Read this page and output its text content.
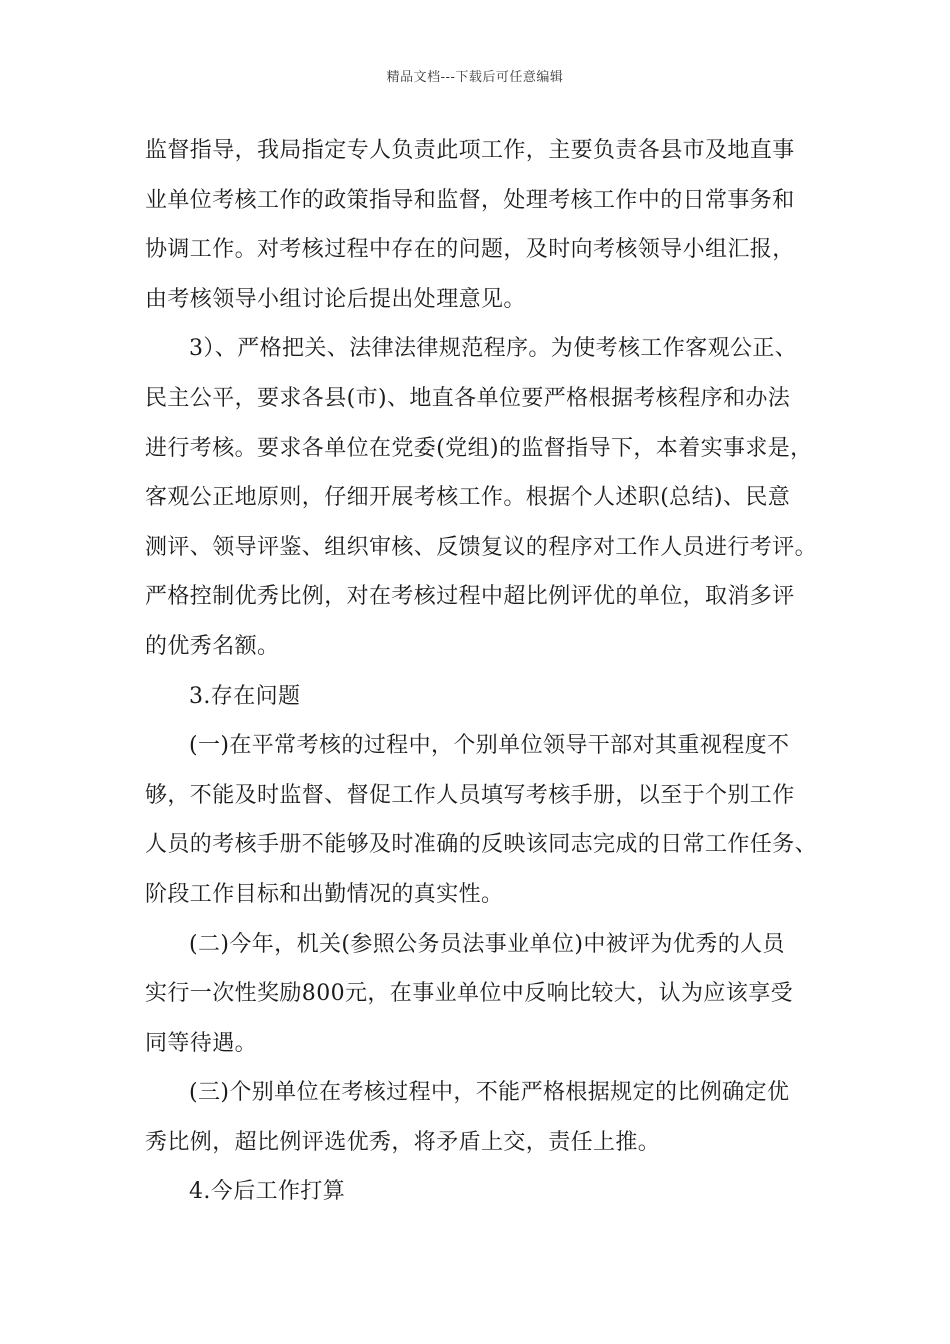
精品文档---下载后可任意编辑
监督指导，我局指定专人负责此项工作，主要负责各县市及地直事
业单位考核工作的政策指导和监督，处理考核工作中的日常事务和
协调工作。对考核过程中存在的问题，及时向考核领导小组汇报，
由考核领导小组讨论后提出处理意见。
3）、严格把关、法律法律规范程序。为使考核工作客观公正、
民主公平，要求各县(市)、地直各单位要严格根据考核程序和办法
进行考核。要求各单位在党委(党组)的监督指导下，本着实事求是，
客观公正地原则，仔细开展考核工作。根据个人述职(总结)、民意
测评、领导评鉴、组织审核、反馈复议的程序对工作人员进行考评。
严格控制优秀比例，对在考核过程中超比例评优的单位，取消多评
的优秀名额。
3.存在问题
(一)在平常考核的过程中，个别单位领导干部对其重视程度不
够，不能及时监督、督促工作人员填写考核手册，以至于个别工作
人员的考核手册不能够及时准确的反映该同志完成的日常工作任务、
阶段工作目标和出勤情况的真实性。
(二)今年，机关(参照公务员法事业单位)中被评为优秀的人员
实行一次性奖励800元，在事业单位中反响比较大，认为应该享受
同等待遇。
(三)个别单位在考核过程中，不能严格根据规定的比例确定优
秀比例，超比例评选优秀，将矛盾上交，责任上推。
4.今后工作打算
